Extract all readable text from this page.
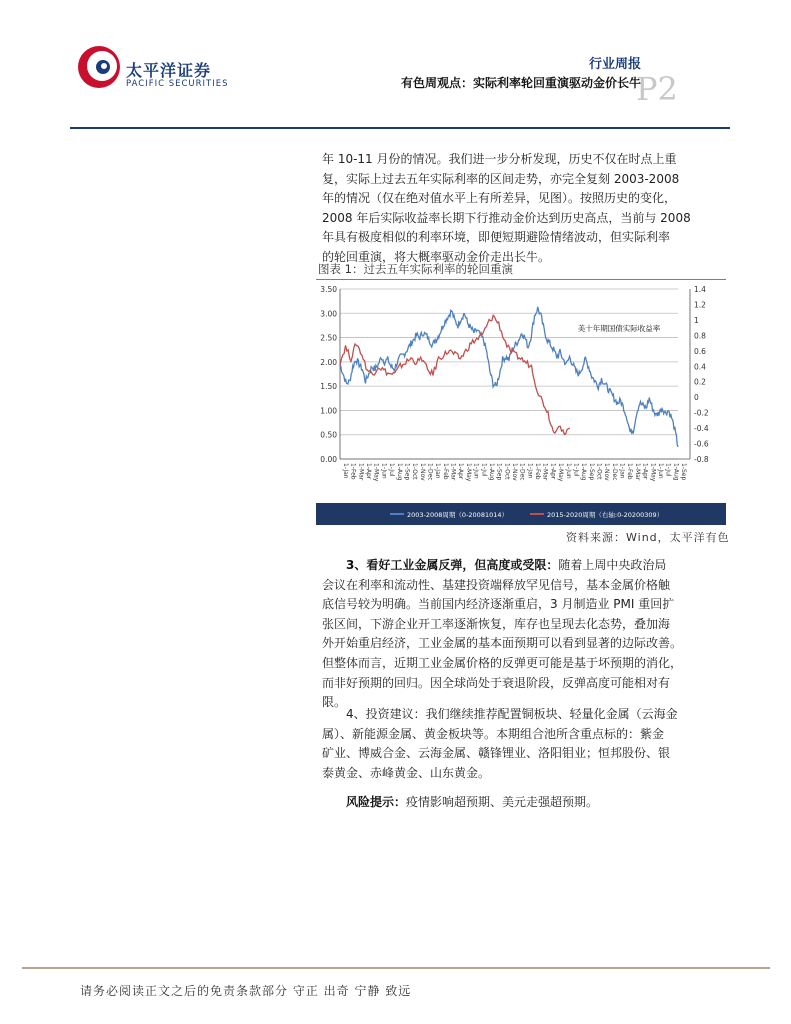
太平洋证券
PACIFIC SECURITIES
行业周报
有色周观点：实际利率轮回重演驱动金价长牛
P2
年 10-11 月份的情况。我们进一步分析发现，历史不仅在时点上重
复，实际上过去五年实际利率的区间走势，亦完全复刻 2003-2008
年的情况（仅在绝对值水平上有所差异，见图）。按照历史的变化，
2008 年后实际收益率长期下行推动金价达到历史高点，当前与 2008
年具有极度相似的利率环境，即便短期避险情绪波动，但实际利率
的轮回重演，将大概率驱动金价走出长牛。
图表 1：过去五年实际利率的轮回重演
3.50
3.00
2.50
2.00
1.50
1.00
0.50
0.00
1.4
1.2
1
0.8
0.6
0.4
0.2
0
-0.2
-0.4
-0.6
-0.8
1-Jan 1-Feb 1-Mar 1-Apr 1-May 1-Jun 1-Jul 1-Aug 1-Sep 1-Oct 1-Nov 1-Dec 1-Jan 1-Feb 1-Mar 1-Apr 1-May 1-Jun 1-Jul 1-Aug 1-Sep 1-Oct 1-Nov 1-Dec 1-Jan 1-Feb 1-Mar 1-Apr 1-May 1-Jun 1-Jul 1-Aug 1-Sep 1-Oct 1-Nov 1-Dec 1-Jan 1-Feb 1-Mar 1-Apr 1-May 1-Jun 1-Jul 1-Aug 1-Sep
美十年期国债实际收益率
2003-2008周期（0-20081014）	2015-2020周期（右轴:0-20200309）
资料来源：Wind，太平洋有色
3、看好工业金属反弹，但高度或受限：随着上周中央政治局
会议在利率和流动性、基建投资端释放罕见信号，基本金属价格触
底信号较为明确。当前国内经济逐渐重启，3 月制造业 PMI 重回扩
张区间，下游企业开工率逐渐恢复，库存也呈现去化态势，叠加海
外开始重启经济，工业金属的基本面预期可以看到显著的边际改善。
但整体而言，近期工业金属价格的反弹更可能是基于坏预期的消化，
而非好预期的回归。因全球尚处于衰退阶段，反弹高度可能相对有
限。
4、投资建议：我们继续推荐配置铜板块、轻量化金属（云海金
属）、新能源金属、黄金板块等。本期组合池所含重点标的：紫金
矿业、博威合金、云海金属、赣锋锂业、洛阳钼业；恒邦股份、银
泰黄金、赤峰黄金、山东黄金。
风险提示：疫情影响超预期、美元走强超预期。
请务必阅读正文之后的免责条款部分 守正 出奇 宁静 致远
